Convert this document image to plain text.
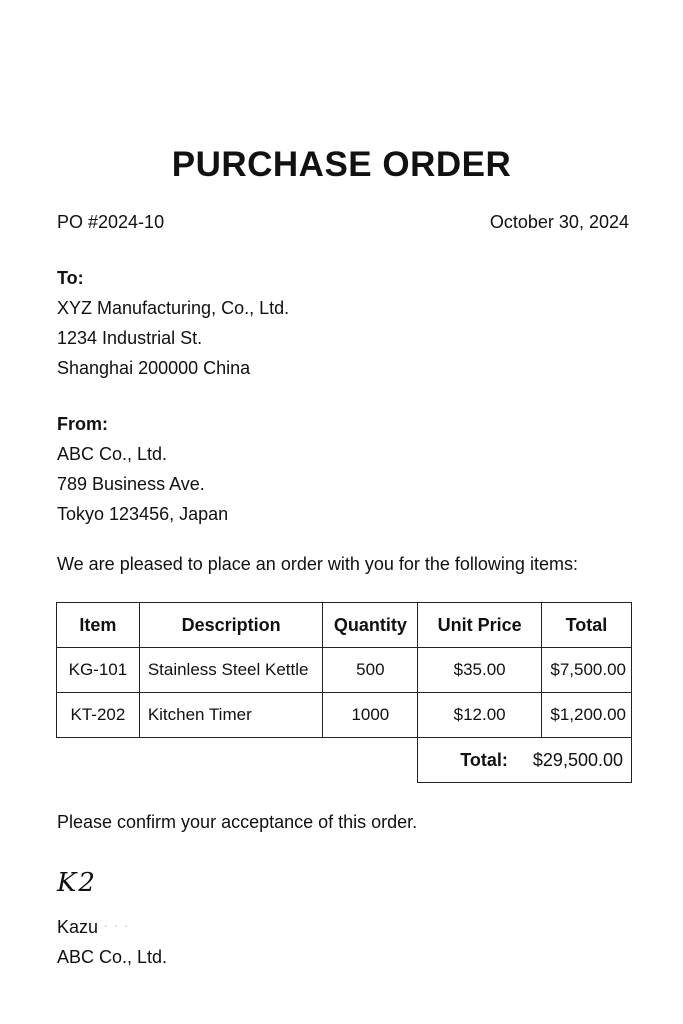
PURCHASE ORDER
PO #2024-10	October 30, 2024
To:
XYZ Manufacturing, Co., Ltd.
1234 Industrial St.
Shanghai 200000 China
From:
ABC Co., Ltd.
789 Business Ave.
Tokyo 123456, Japan
We are pleased to place an order with you for the following items:
Item	Description	Quantity	Unit Price	Total
KG-101	Stainless Steel Kettle	500	$35.00	$7,500.00
KT-202	Kitchen Timer	1000	$12.00	$1,200.00
			Total: $29,500.00	
Please confirm your acceptance of this order.
K2
Kazu - - -
ABC Co., Ltd.
